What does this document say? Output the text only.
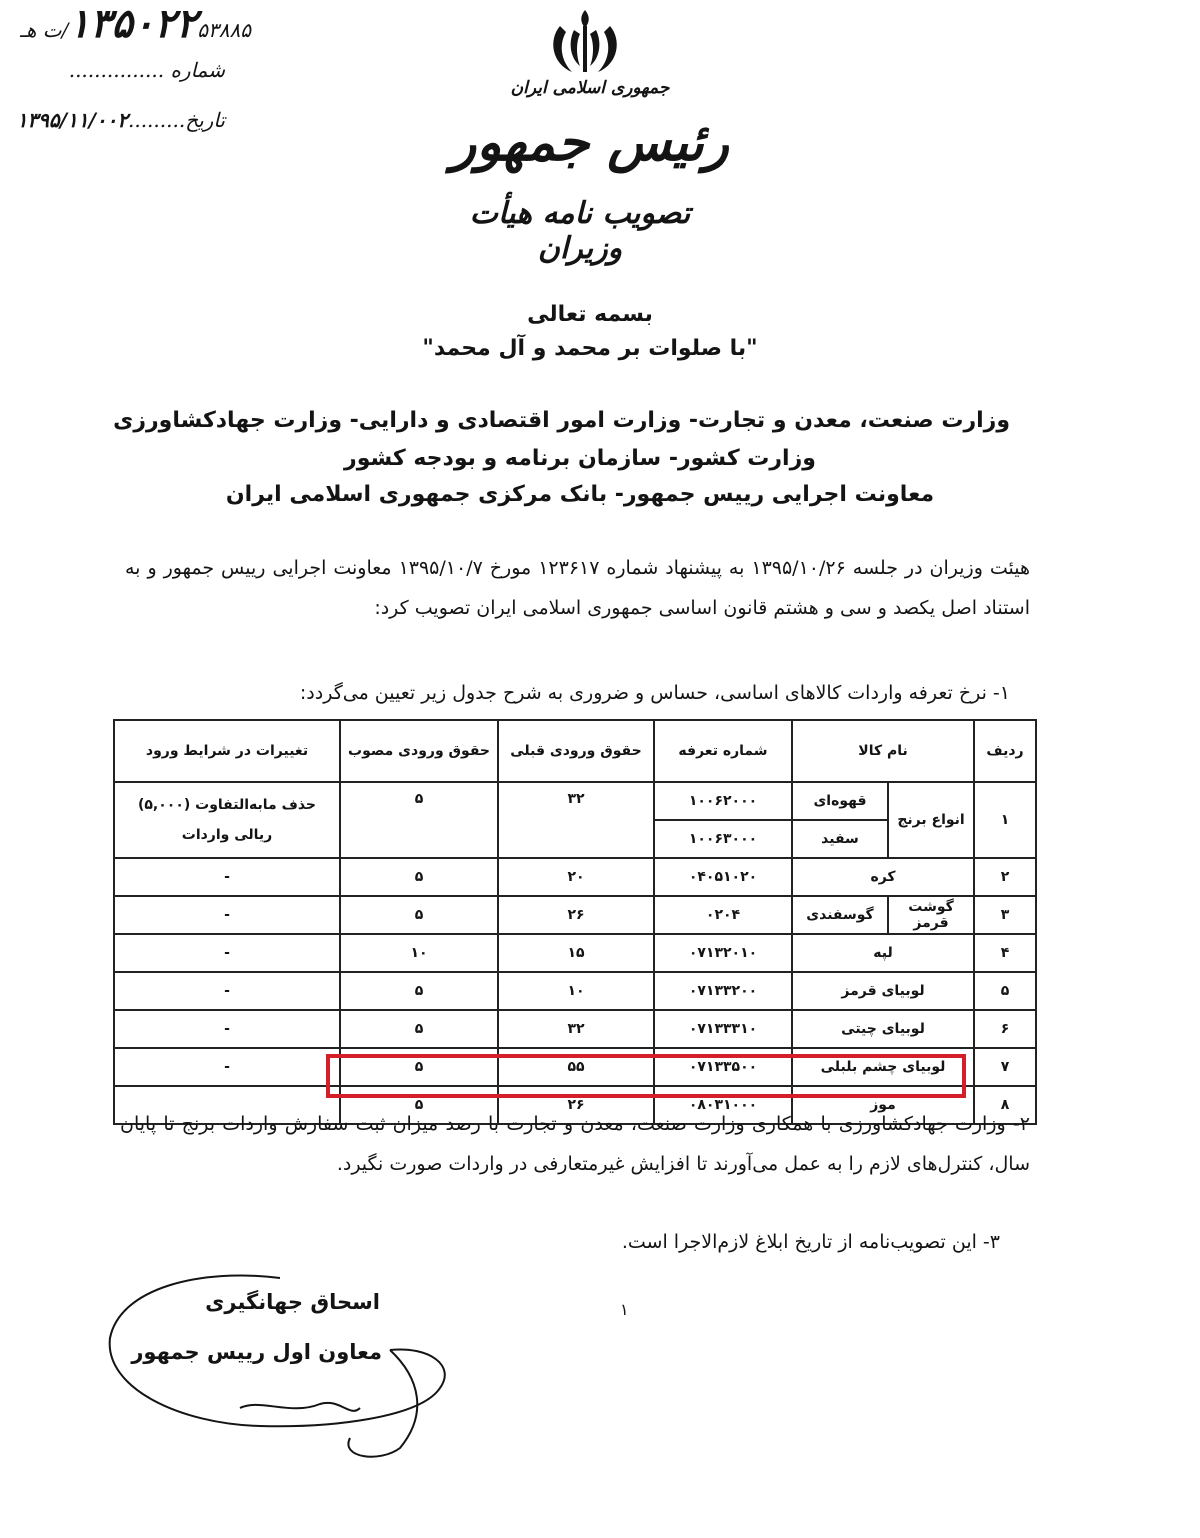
۱۳۵۰۲۲۵۳۸۸۵/ت هـ
شماره ...............
تاریخ.........۱۳۹۵/۱۱/۰۰۲
جمهوری اسلامی ایران
رئیس جمهور
تصویب نامه هیأت وزیران
بسمه تعالی
"با صلوات بر محمد و آل محمد"
وزارت صنعت، معدن و تجارت- وزارت امور اقتصادی و دارایی- وزارت جهادکشاورزی
وزارت کشور- سازمان برنامه و بودجه کشور
معاونت اجرایی رییس جمهور- بانک مرکزی جمهوری اسلامی ایران
هیئت وزیران در جلسه ۱۳۹۵/۱۰/۲۶ به پیشنهاد شماره ۱۲۳۶۱۷ مورخ ۱۳۹۵/۱۰/۷ معاونت اجرایی رییس جمهور و به استناد اصل یکصد و سی و هشتم قانون اساسی جمهوری اسلامی ایران تصویب کرد:
۱- نرخ تعرفه واردات کالاهای اساسی، حساس و ضروری به شرح جدول زیر تعیین می‌گردد:
ردیف	نام کالا		شماره تعرفه	حقوق ورودی قبلی	حقوق ورودی مصوب	تغییرات در شرایط ورود
۱	انواع برنج	قهوه‌ای	۱۰۰۶۲۰۰۰	۳۲	۵	حذف مابه‌التفاوت (۵,۰۰۰) ریالی واردات
		سفید	۱۰۰۶۳۰۰۰			
۲	کره		۰۴۰۵۱۰۲۰	۲۰	۵	-
۳	گوشت قرمز	گوسفندی	۰۲۰۴	۲۶	۵	-
۴	لپه		۰۷۱۳۲۰۱۰	۱۵	۱۰	-
۵	لوبیای قرمز		۰۷۱۳۳۲۰۰	۱۰	۵	-
۶	لوبیای چیتی		۰۷۱۳۳۳۱۰	۳۲	۵	-
۷	لوبیای چشم بلبلی		۰۷۱۳۳۵۰۰	۵۵	۵	-
۸	موز		۰۸۰۳۱۰۰۰	۲۶	۵	
۲- وزارت جهادکشاورزی با همکاری وزارت صنعت، معدن و تجارت با رصد میزان ثبت سفارش واردات برنج تا پایان سال، کنترل‌های لازم را به عمل می‌آورند تا افزایش غیرمتعارفی در واردات صورت نگیرد.
۳- این تصویب‌نامه از تاریخ ابلاغ لازم‌الاجرا است.
۱
اسحاق جهانگیری
معاون اول رییس جمهور
